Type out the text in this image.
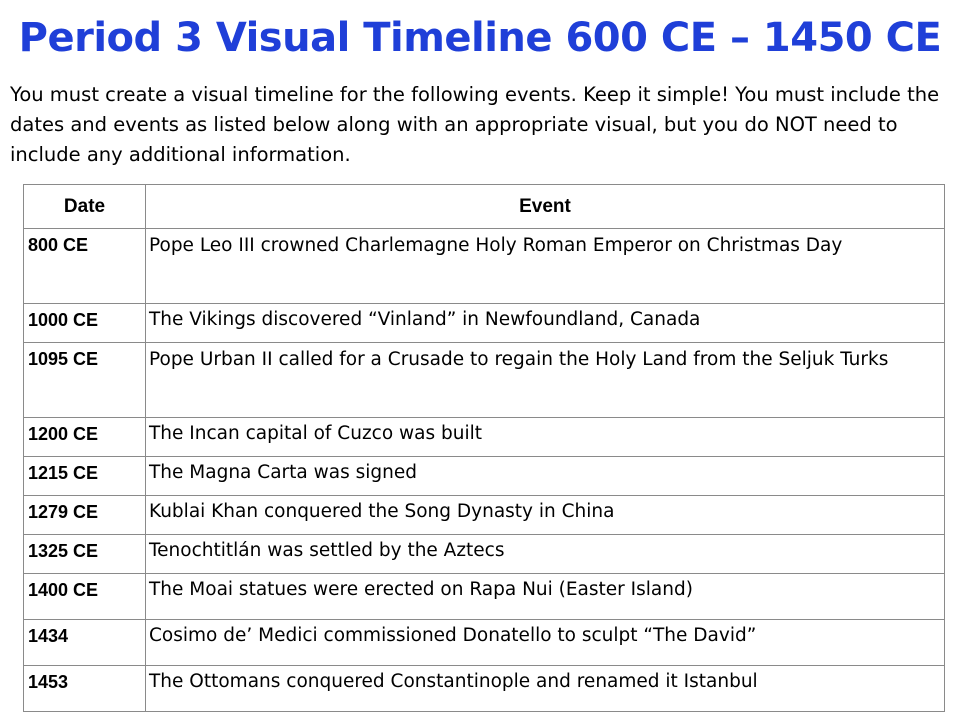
Period 3 Visual Timeline 600 CE – 1450 CE
You must create a visual timeline for the following events. Keep it simple! You must include the dates and events as listed below along with an appropriate visual, but you do NOT need to include any additional information.
Date	Event
800 CE	Pope Leo III crowned Charlemagne Holy Roman Emperor on Christmas Day
1000 CE	The Vikings discovered “Vinland” in Newfoundland, Canada
1095 CE	Pope Urban II called for a Crusade to regain the Holy Land from the Seljuk Turks
1200 CE	The Incan capital of Cuzco was built
1215 CE	The Magna Carta was signed
1279 CE	Kublai Khan conquered the Song Dynasty in China
1325 CE	Tenochtitlán was settled by the Aztecs
1400 CE	The Moai statues were erected on Rapa Nui (Easter Island)
1434	Cosimo de’ Medici commissioned Donatello to sculpt “The David”
1453	The Ottomans conquered Constantinople and renamed it Istanbul
